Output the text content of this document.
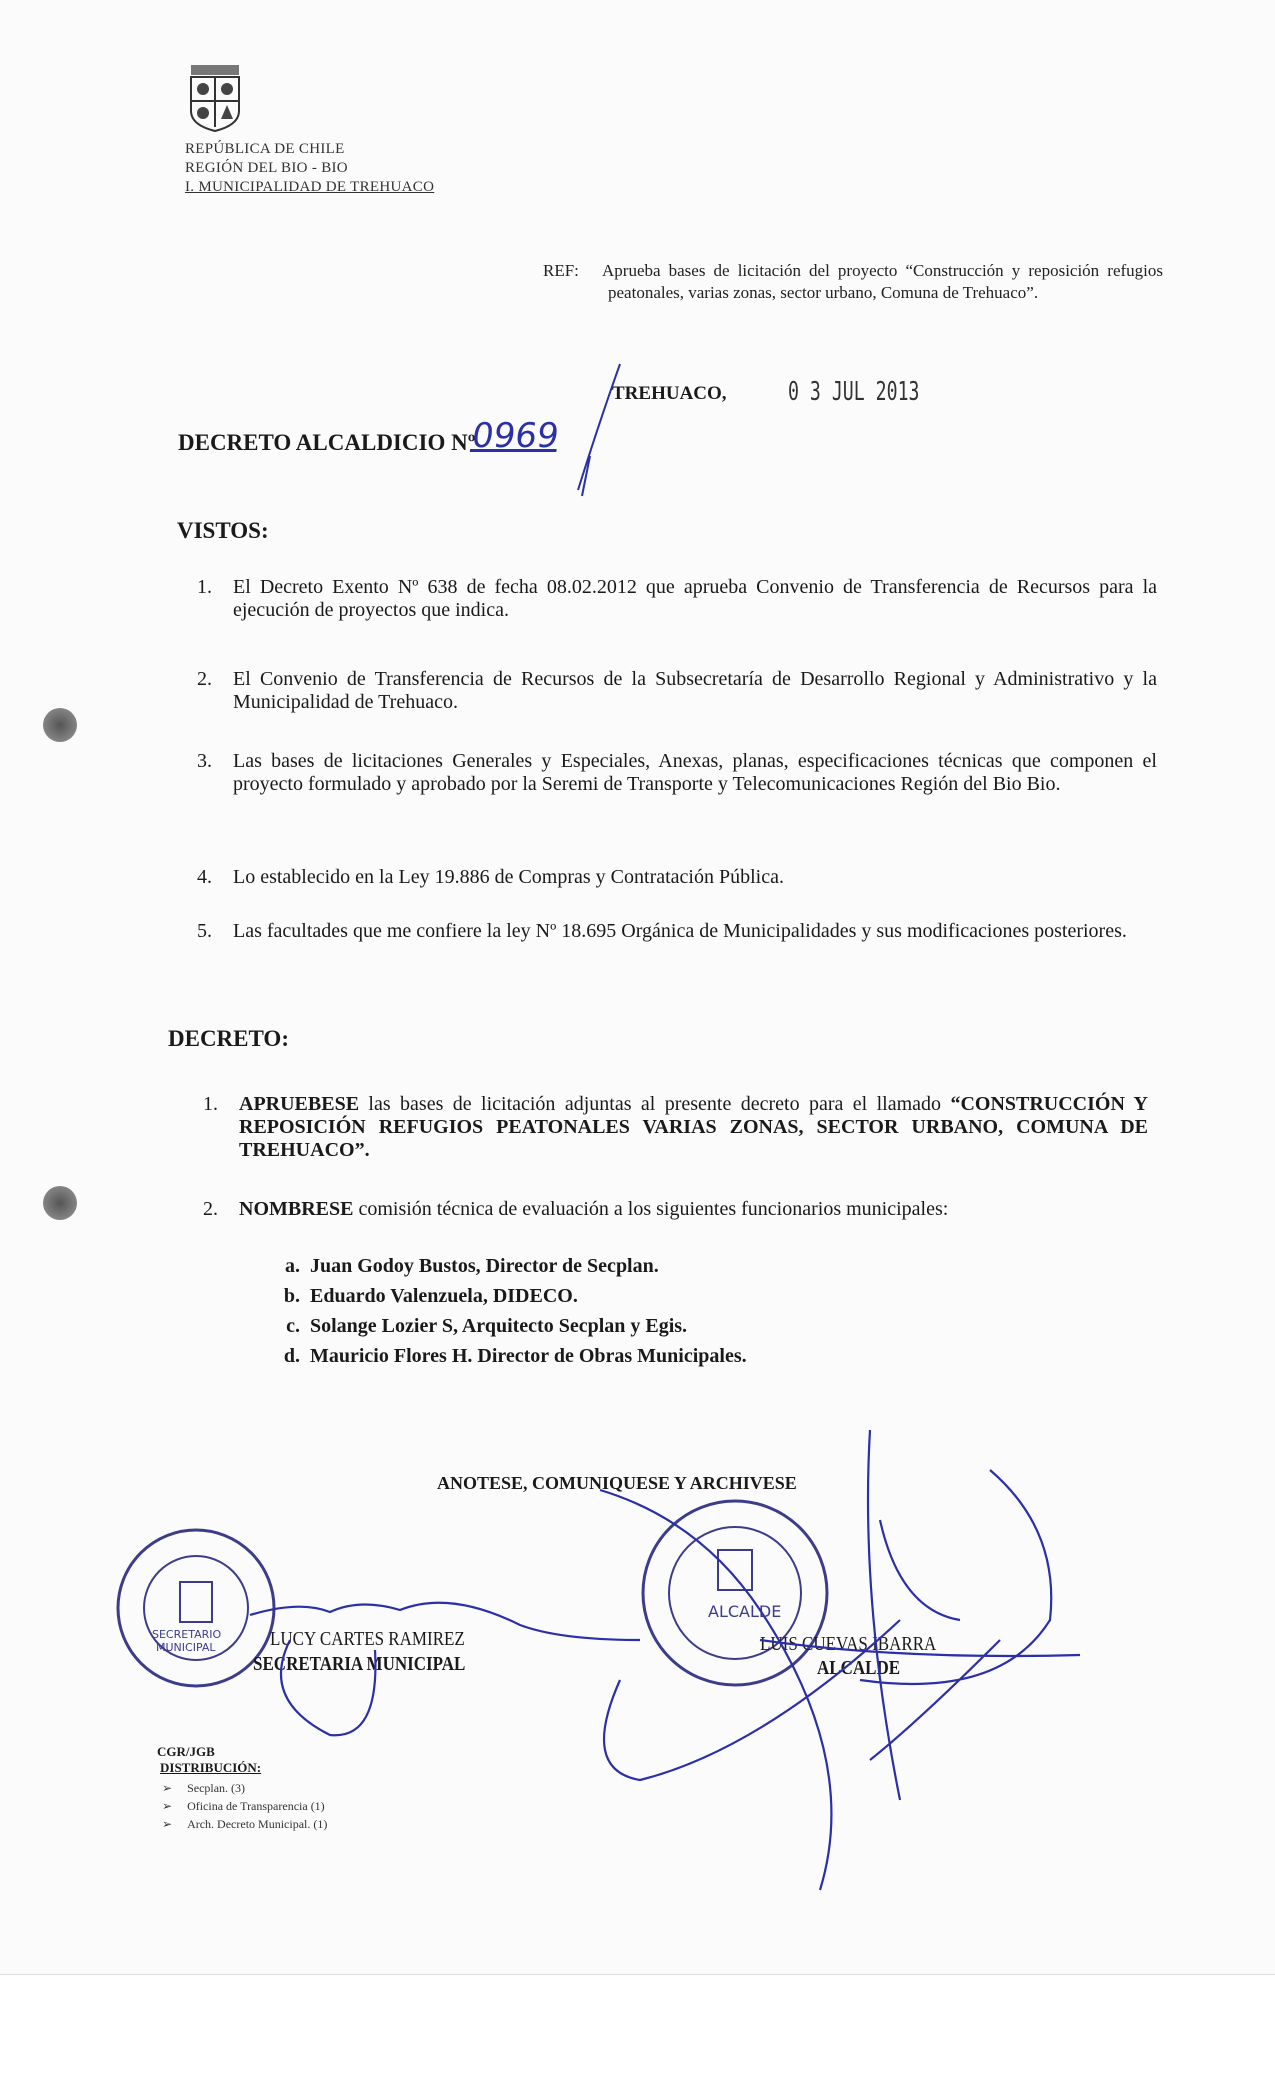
REPÚBLICA DE CHILE
REGIÓN DEL BIO - BIO
I. MUNICIPALIDAD DE TREHUACO
REF: Aprueba bases de licitación del proyecto “Construcción y reposición refugios peatonales, varias zonas, sector urbano, Comuna de Trehuaco”.
TREHUACO, 0 3 JUL 2013
DECRETO ALCALDICIO Nº
0969
VISTOS:
1. El Decreto Exento Nº 638 de fecha 08.02.2012 que aprueba Convenio de Transferencia de Recursos para la ejecución de proyectos que indica.
2. El Convenio de Transferencia de Recursos de la Subsecretaría de Desarrollo Regional y Administrativo y la Municipalidad de Trehuaco.
3. Las bases de licitaciones Generales y Especiales, Anexas, planas, especificaciones técnicas que componen el proyecto formulado y aprobado por la Seremi de Transporte y Telecomunicaciones Región del Bio Bio.
4. Lo establecido en la Ley 19.886 de Compras y Contratación Pública.
5. Las facultades que me confiere la ley Nº 18.695 Orgánica de Municipalidades y sus modificaciones posteriores.
DECRETO:
1. APRUEBESE las bases de licitación adjuntas al presente decreto para el llamado “CONSTRUCCIÓN Y REPOSICIÓN REFUGIOS PEATONALES VARIAS ZONAS, SECTOR URBANO, COMUNA DE TREHUACO”.
2. NOMBRESE comisión técnica de evaluación a los siguientes funcionarios municipales:
a. Juan Godoy Bustos, Director de Secplan.
b. Eduardo Valenzuela, DIDECO.
c. Solange Lozier S, Arquitecto Secplan y Egis.
d. Mauricio Flores H. Director de Obras Municipales.
ANOTESE, COMUNIQUESE Y ARCHIVESE
SECRETARIO
MUNICIPAL
ALCALDE
LUCY CARTES RAMIREZ
SECRETARIA MUNICIPAL
LUIS CUEVAS IBARRA
ALCALDE
CGR/JGB
DISTRIBUCIÓN:
➢     Secplan. (3)
➢     Oficina de Transparencia (1)
➢     Arch. Decreto Municipal. (1)
